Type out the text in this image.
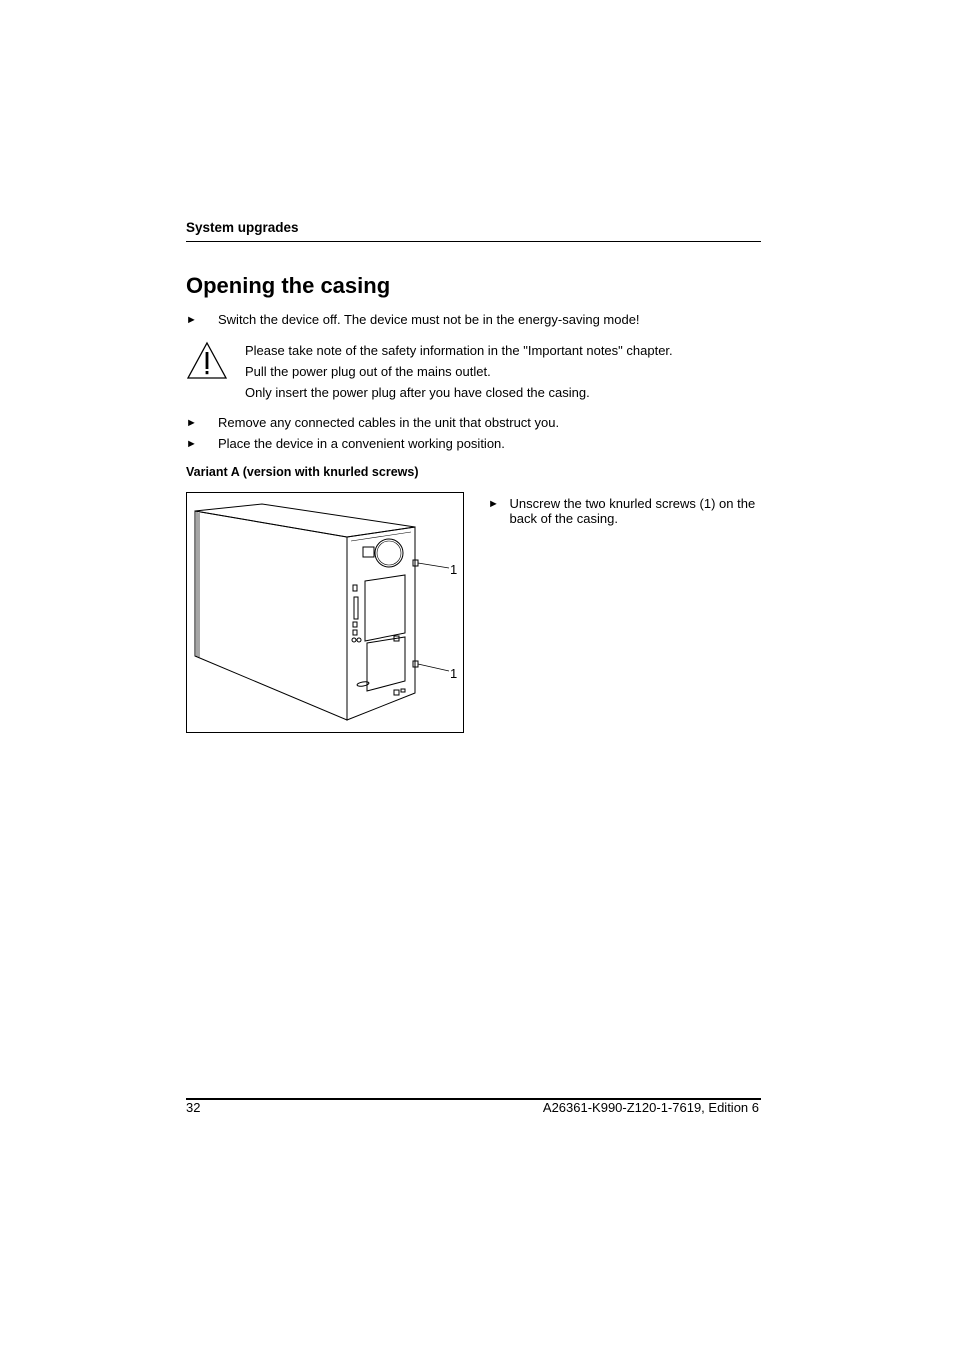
System upgrades
Opening the casing
►	Switch the device off. The device must not be in the energy-saving mode!
Please take note of the safety information in the "Important notes" chapter.
Pull the power plug out of the mains outlet.
Only insert the power plug after you have closed the casing.
►	Remove any connected cables in the unit that obstruct you.
►	Place the device in a convenient working position.
Variant A (version with knurled screws)
1
1
► Unscrew the two knurled screws (1) on the back of the casing.
32	A26361-K990-Z120-1-7619, Edition 6
